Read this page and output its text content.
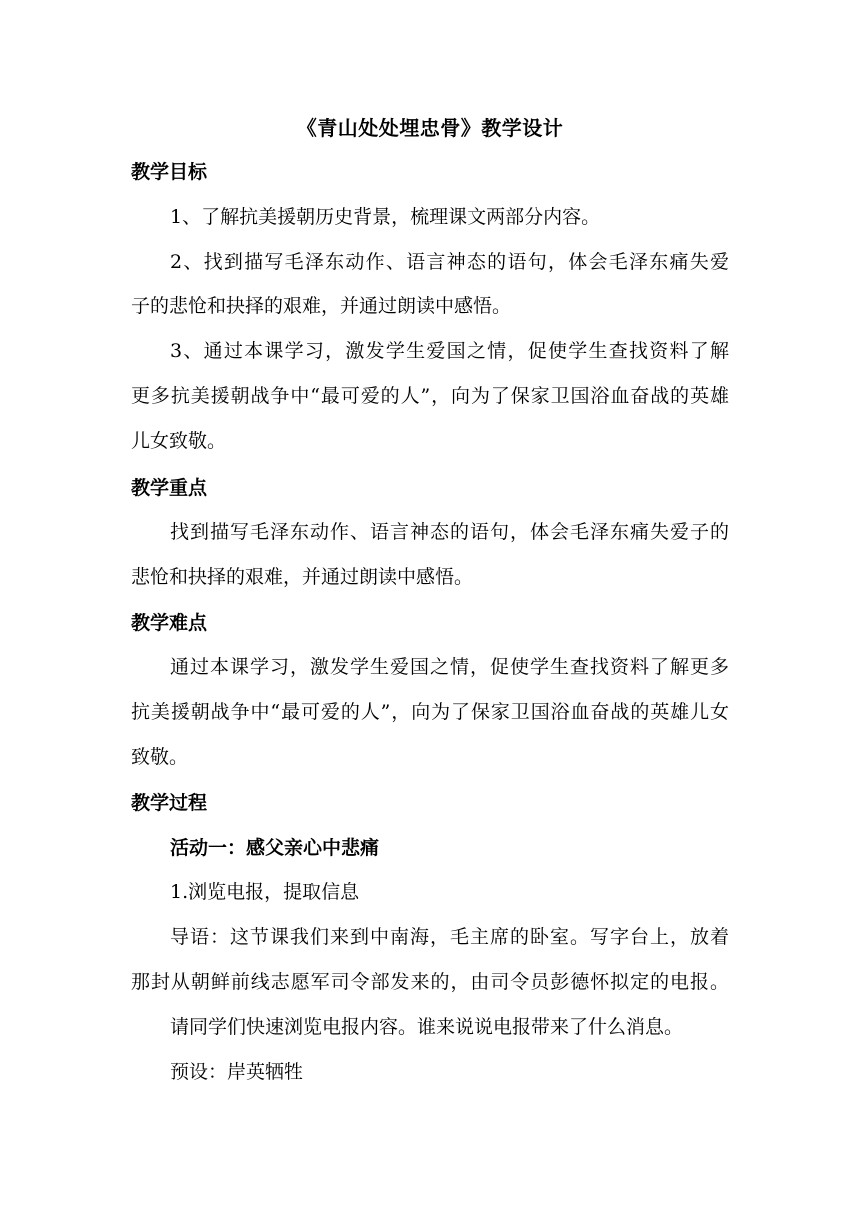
《青山处处埋忠骨》教学设计
教学目标
1、了解抗美援朝历史背景，梳理课文两部分内容。
2、找到描写毛泽东动作、语言神态的语句，体会毛泽东痛失爱
子的悲怆和抉择的艰难，并通过朗读中感悟。
3、通过本课学习，激发学生爱国之情，促使学生查找资料了解
更多抗美援朝战争中“最可爱的人”，向为了保家卫国浴血奋战的英雄
儿女致敬。
教学重点
找到描写毛泽东动作、语言神态的语句，体会毛泽东痛失爱子的
悲怆和抉择的艰难，并通过朗读中感悟。
教学难点
通过本课学习，激发学生爱国之情，促使学生查找资料了解更多
抗美援朝战争中“最可爱的人”，向为了保家卫国浴血奋战的英雄儿女
致敬。
教学过程
活动一：感父亲心中悲痛
1.浏览电报，提取信息
导语：这节课我们来到中南海，毛主席的卧室。写字台上，放着
那封从朝鲜前线志愿军司令部发来的，由司令员彭德怀拟定的电报。
请同学们快速浏览电报内容。谁来说说电报带来了什么消息。
预设：岸英牺牲
